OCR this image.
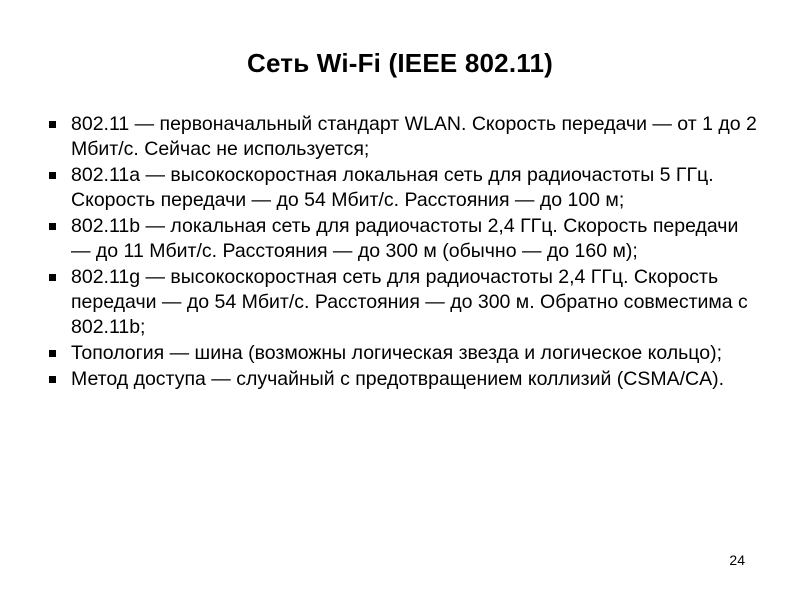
Сеть Wi-Fi (IEEE 802.11)
802.11 — первоначальный стандарт WLAN. Скорость передачи — от 1 до 2 Мбит/с. Сейчас не используется;
802.11a — высокоскоростная локальная сеть для радиочастоты 5 ГГц. Скорость передачи — до 54 Мбит/с. Расстояния — до 100 м;
802.11b — локальная сеть для радиочастоты 2,4 ГГц. Скорость передачи — до 11 Мбит/с. Расстояния — до 300 м (обычно — до 160 м);
802.11g — высокоскоростная сеть для радиочастоты 2,4 ГГц. Скорость передачи — до 54 Мбит/с. Расстояния — до 300 м. Обратно совместима с 802.11b;
Топология — шина (возможны логическая звезда и логическое кольцо);
Метод доступа — случайный с предотвращением коллизий (CSMA/CA).
24
